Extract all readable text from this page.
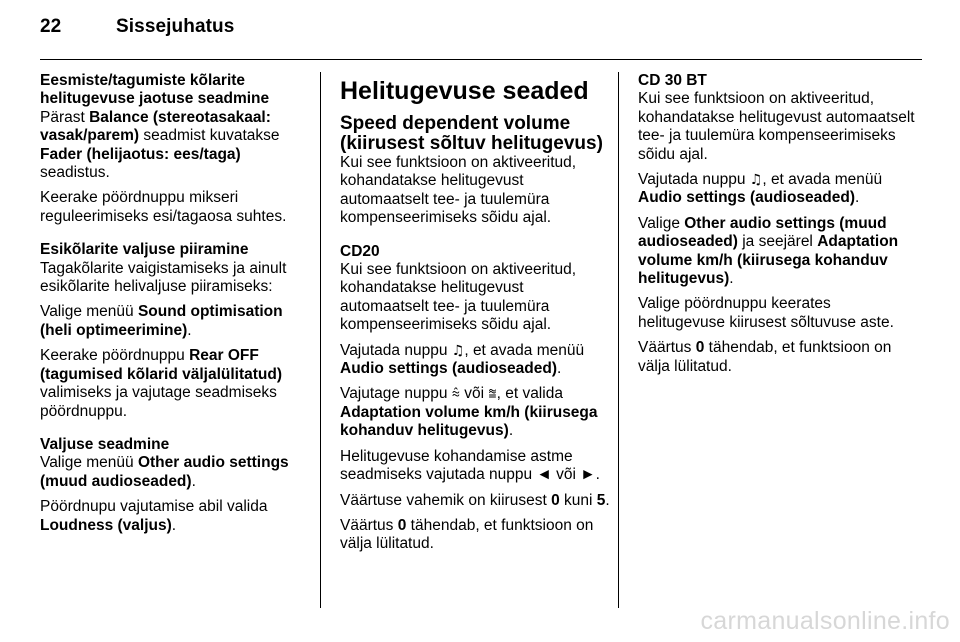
22	Sissejuhatus
Eesmiste/tagumiste kõlarite
helitugevuse jaotuse seadmine
Pärast Balance (stereotasakaal: vasak/parem) seadmist kuvatakse Fader (helijaotus: ees/taga) seadistus.
Keerake pöördnuppu mikseri reguleerimiseks esi/tagaosa suhtes.
Esikõlarite valjuse piiramine
Tagakõlarite vaigistamiseks ja ainult esikõlarite helivaljuse piiramiseks:
Valige menüü Sound optimisation (heli optimeerimine).
Keerake pöördnuppu Rear OFF (tagumised kõlarid väljalülitatud) valimiseks ja vajutage seadmiseks pöördnuppu.
Valjuse seadmine
Valige menüü Other audio settings (muud audioseaded).
Pöördnupu vajutamise abil valida Loudness (valjus).
Helitugevuse seaded
Speed dependent volume (kiirusest sõltuv helitugevus)
Kui see funktsioon on aktiveeritud, kohandatakse helitugevust automaatselt tee- ja tuulemüra kompenseerimiseks sõidu ajal.
CD20
Kui see funktsioon on aktiveeritud, kohandatakse helitugevust automaatselt tee- ja tuulemüra kompenseerimiseks sõidu ajal.
Vajutada nuppu ♫, et avada menüü Audio settings (audioseaded).
Vajutage nuppu ⩯ või ⩰, et valida Adaptation volume km/h (kiirusega kohanduv helitugevus).
Helitugevuse kohandamise astme seadmiseks vajutada nuppu ◄ või ►.
Väärtuse vahemik on kiirusest 0 kuni 5.
Väärtus 0 tähendab, et funktsioon on välja lülitatud.
CD 30 BT
Kui see funktsioon on aktiveeritud, kohandatakse helitugevust automaatselt tee- ja tuulemüra kompenseerimiseks sõidu ajal.
Vajutada nuppu ♫, et avada menüü Audio settings (audioseaded).
Valige Other audio settings (muud audioseaded) ja seejärel Adaptation volume km/h (kiirusega kohanduv helitugevus).
Valige pöördnuppu keerates helitugevuse kiirusest sõltuvuse aste.
Väärtus 0 tähendab, et funktsioon on välja lülitatud.
carmanualsonline.info
